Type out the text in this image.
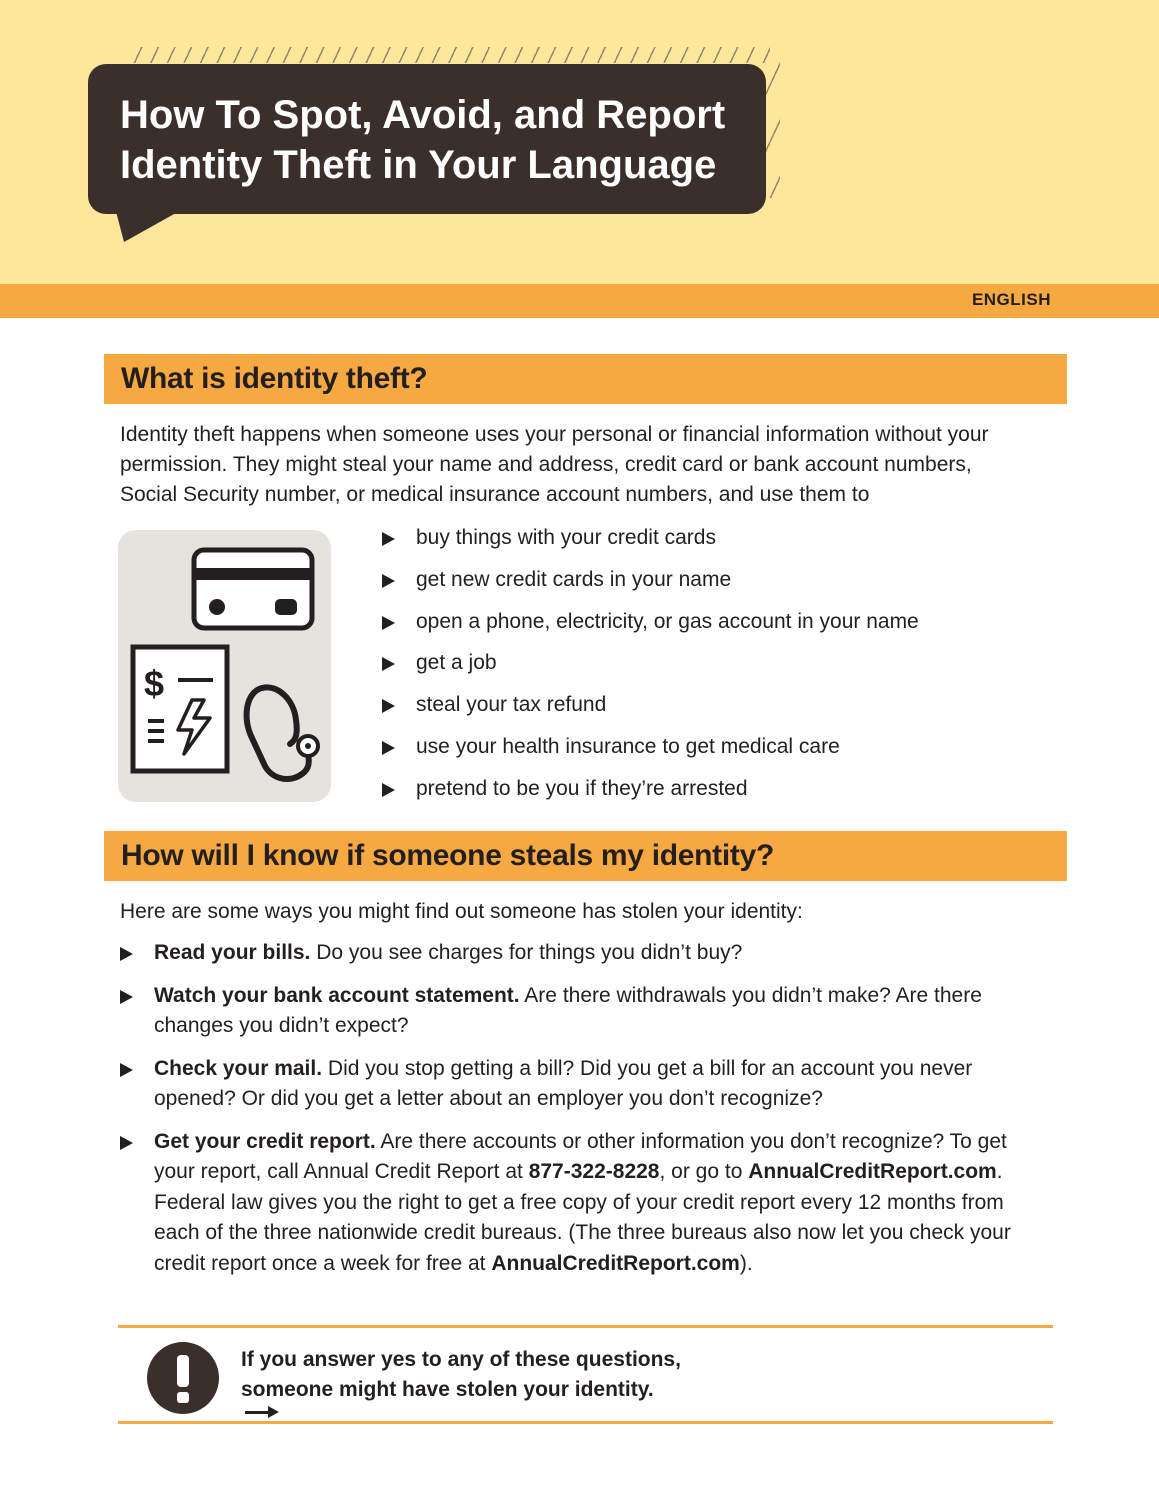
How To Spot, Avoid, and Report
Identity Theft in Your Language
ENGLISH
What is identity theft?

Identity theft happens when someone uses your personal or financial information without your permission. They might steal your name and address, credit card or bank account numbers, Social Security number, or medical insurance account numbers, and use them to

$
buy things with your credit cards
get new credit cards in your name
open a phone, electricity, or gas account in your name
get a job
steal your tax refund
use your health insurance to get medical care
pretend to be you if they’re arrested
How will I know if someone steals my identity?

Here are some ways you might find out someone has stolen your identity:

Read your bills. Do you see charges for things you didn’t buy?
Watch your bank account statement. Are there withdrawals you didn’t make? Are there changes you didn’t expect?
Check your mail. Did you stop getting a bill? Did you get a bill for an account you never opened? Or did you get a letter about an employer you don’t recognize?
Get your credit report. Are there accounts or other information you don’t recognize? To get your report, call Annual Credit Report at 877-322-8228, or go to AnnualCreditReport.com. Federal law gives you the right to get a free copy of your credit report every 12 months from each of the three nationwide credit bureaus. (The three bureaus also now let you check your credit report once a week for free at AnnualCreditReport.com).
If you answer yes to any of these questions,
someone might have stolen your identity.
